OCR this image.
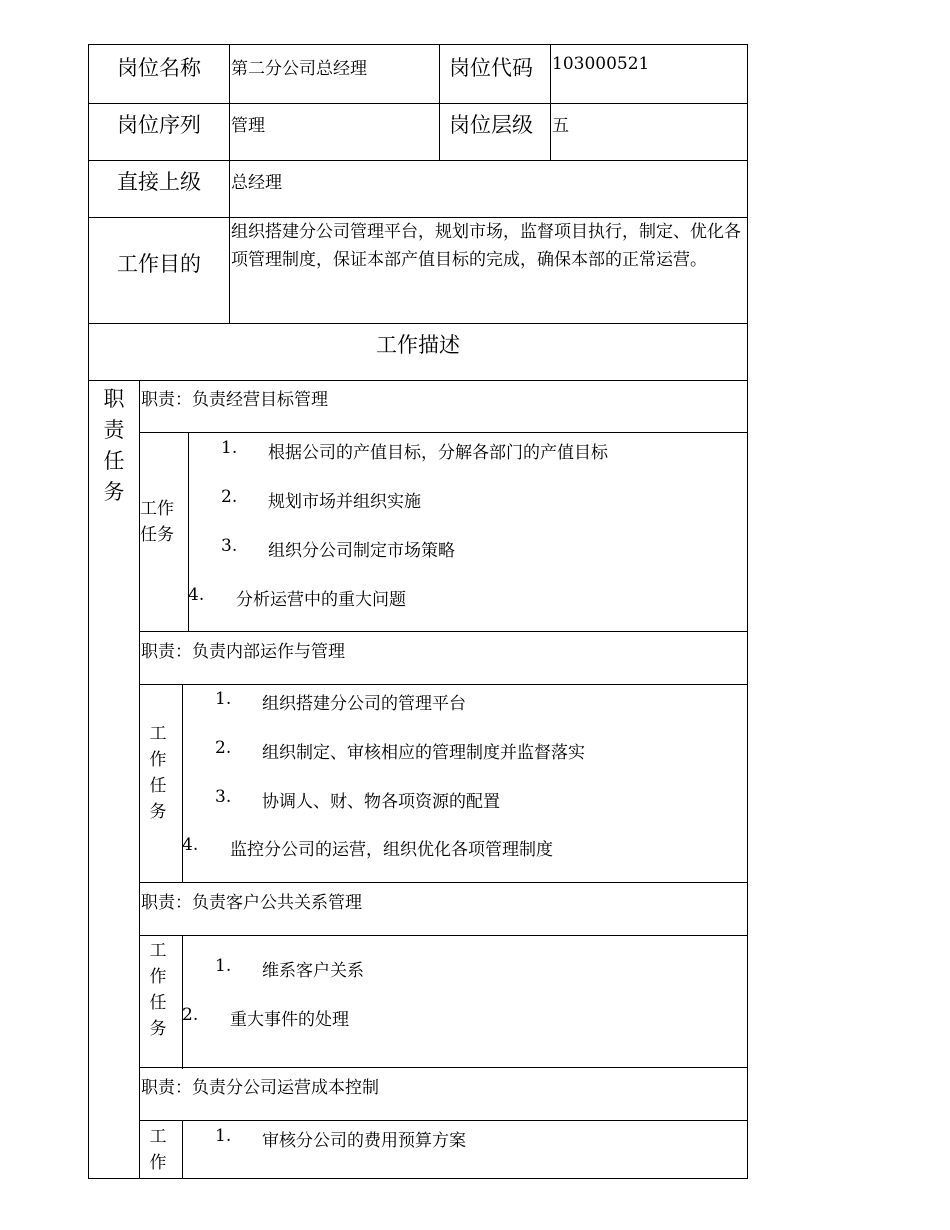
岗位名称 第二分公司总经理	岗位代码 103000521
岗位序列 管理	岗位层级 五
直接上级 总经理
工作目的
组织搭建分公司管理平台，规划市场，监督项目执行，制定、优化各项管理制度，保证本部产值目标的完成，确保本部的正常运营。
工作描述
职
责
任
务
职责：负责经营目标管理
工作任务
1. 根据公司的产值目标，分解各部门的产值目标
2. 规划市场并组织实施
3. 组织分公司制定市场策略
4. 分析运营中的重大问题
职责：负责内部运作与管理
工
作
任
务
1. 组织搭建分公司的管理平台
2. 组织制定、审核相应的管理制度并监督落实
3. 协调人、财、物各项资源的配置
4. 监控分公司的运营，组织优化各项管理制度
职责：负责客户公共关系管理
工
作
任
务
1. 维系客户关系
2. 重大事件的处理
职责：负责分公司运营成本控制
工
作
1. 审核分公司的费用预算方案
